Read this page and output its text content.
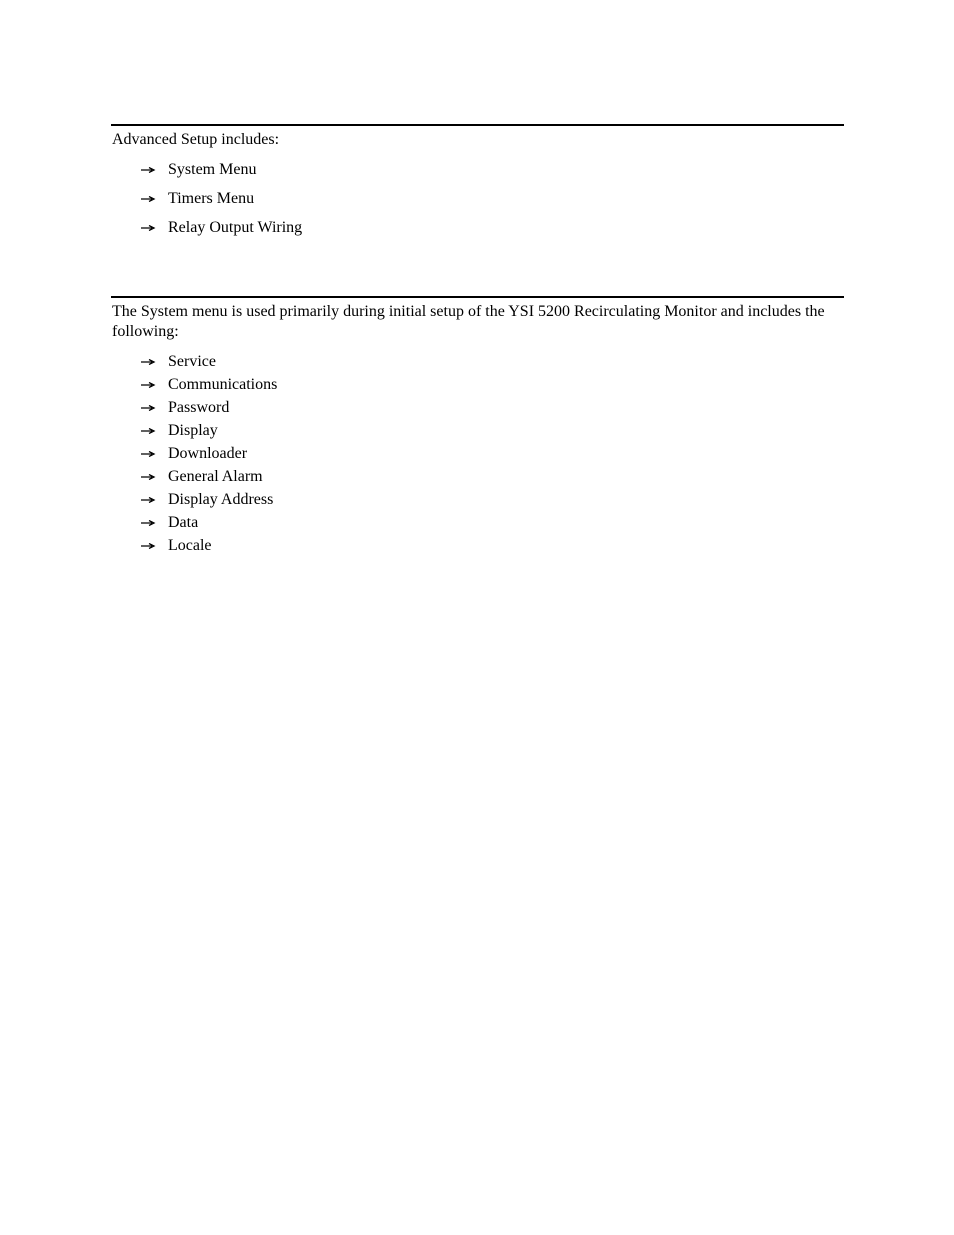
Advanced Setup includes:

System Menu
Timers Menu
Relay Output Wiring

The System menu is used primarily during initial setup of the YSI 5200 Recirculating Monitor and includes the following:

Service
Communications
Password
Display
Downloader
General Alarm
Display Address
Data
Locale
